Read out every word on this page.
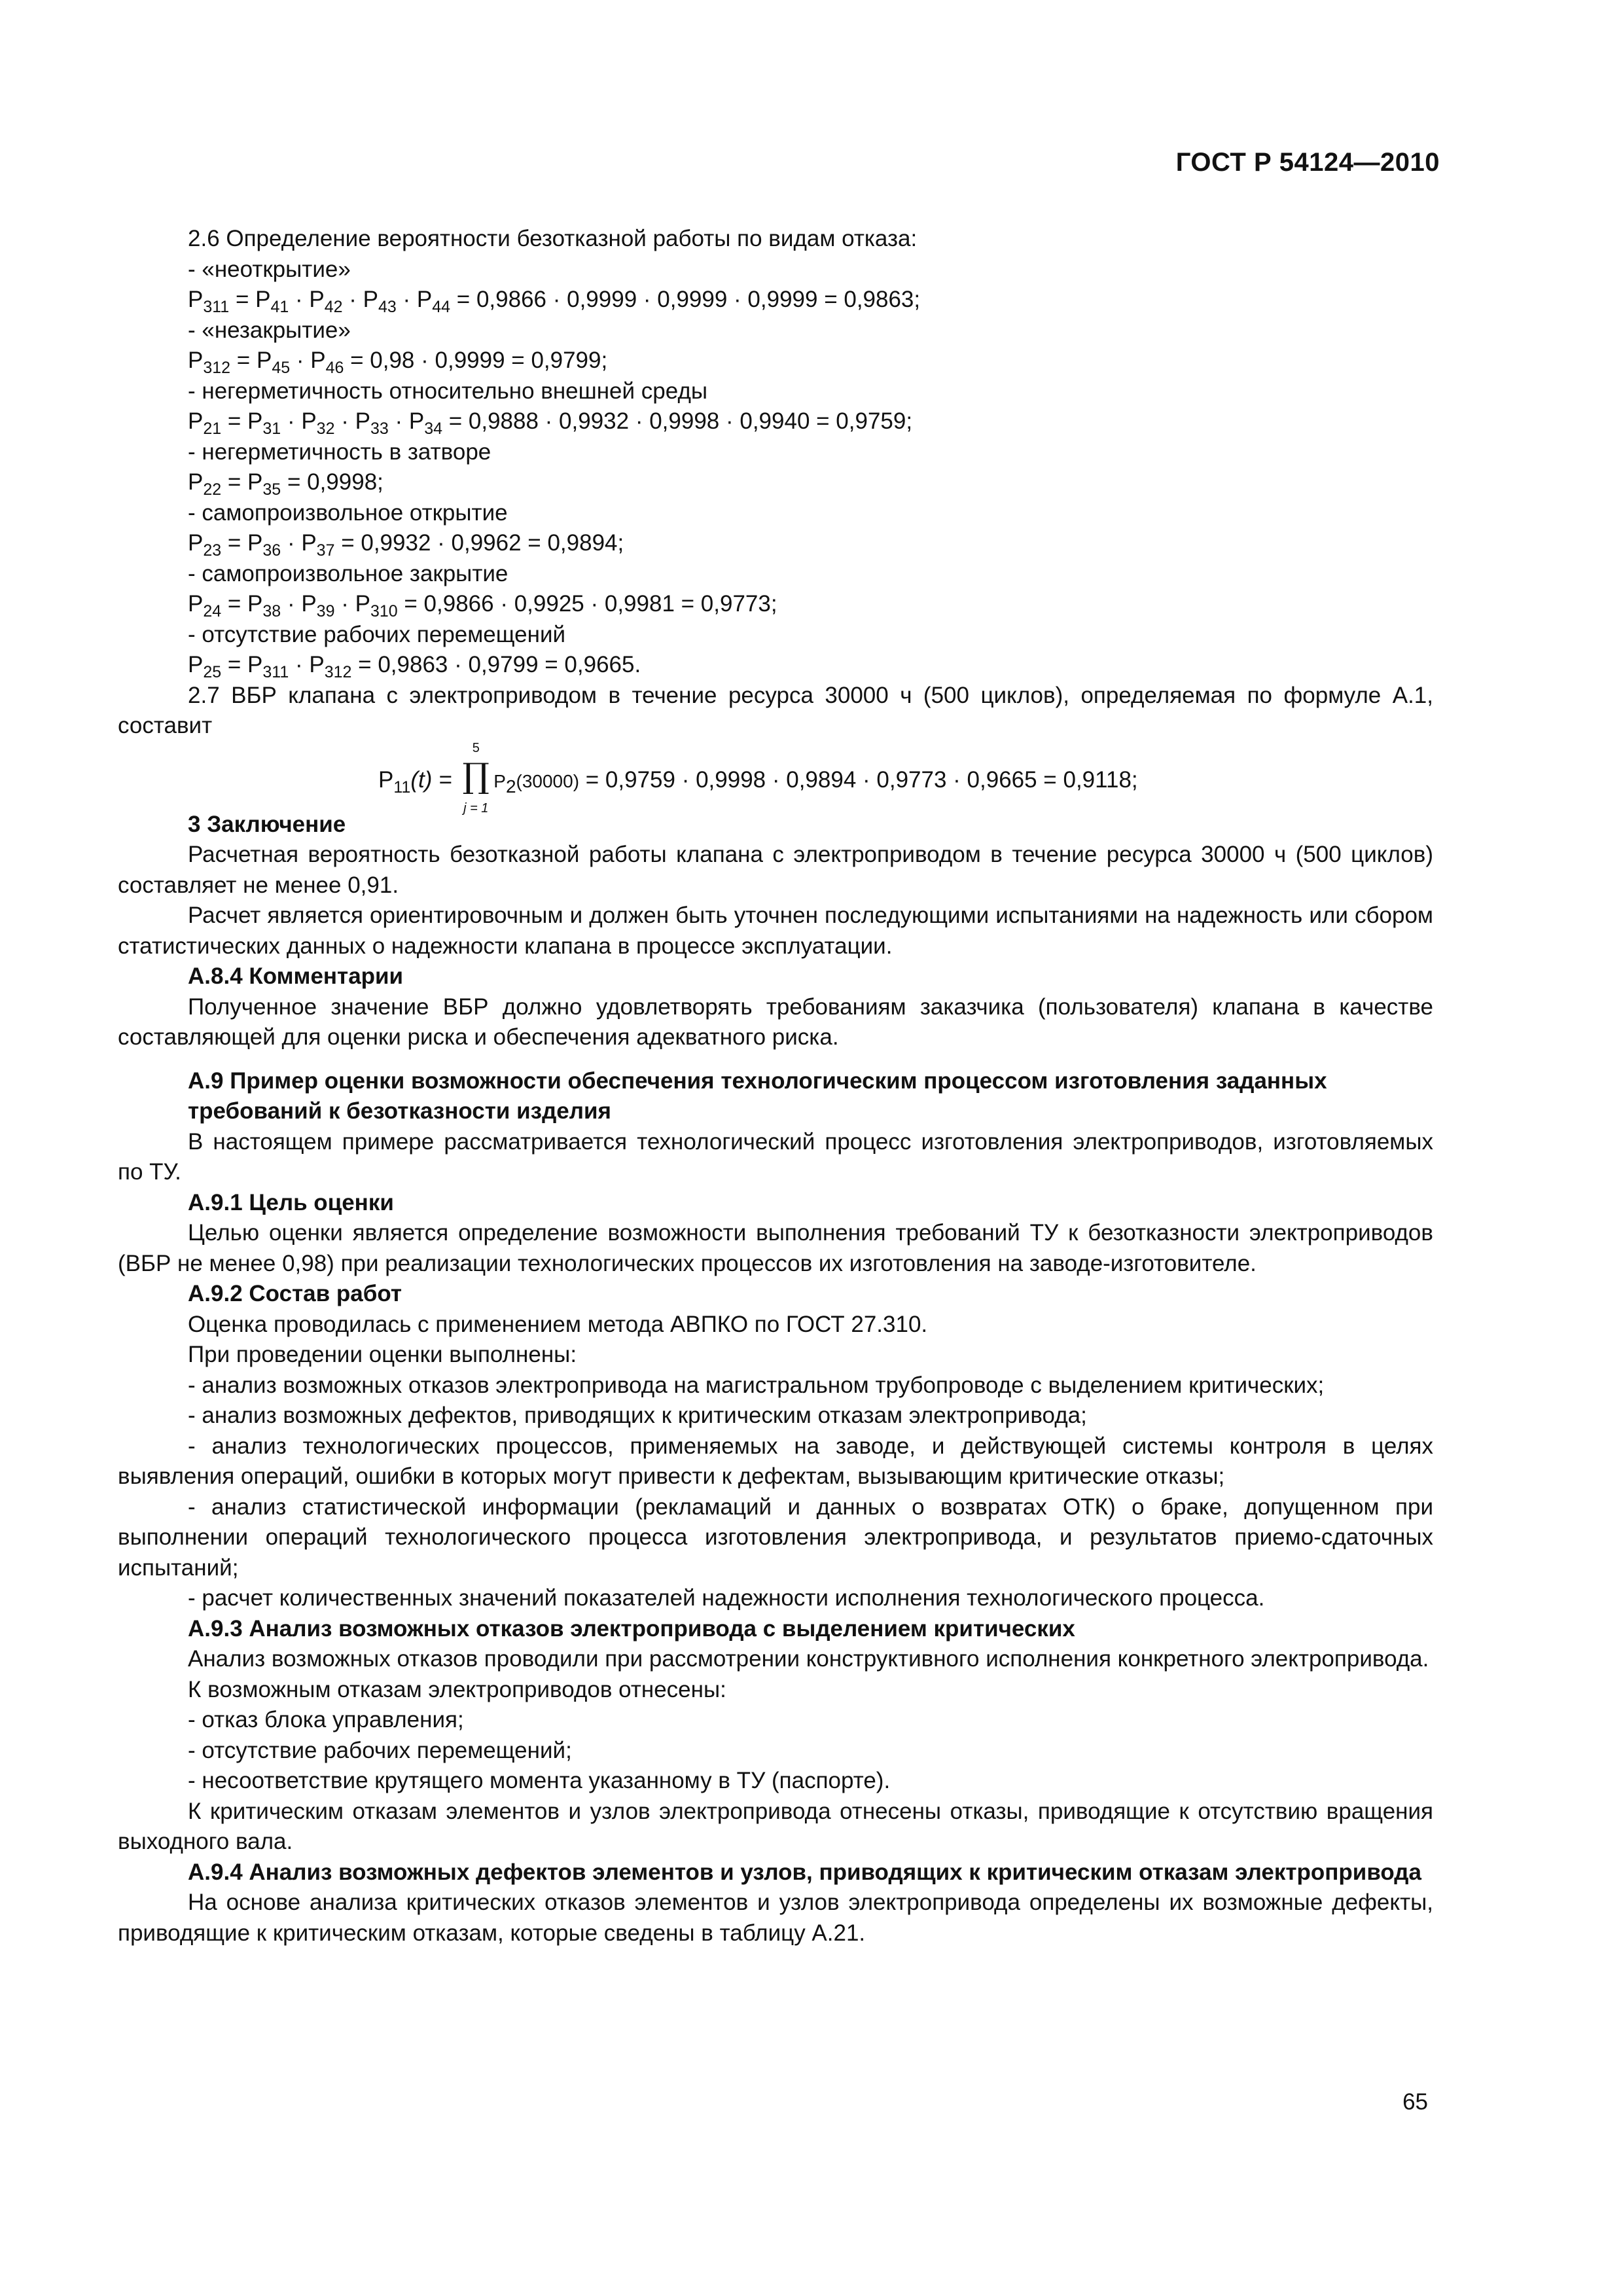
ГОСТ Р 54124—2010

2.6 Определение вероятности безотказной работы по видам отказа:

- «неоткрытие»

$P_{311} = P_{41} \cdot P_{42} \cdot P_{43} \cdot P_{44} = 0,9866 \cdot 0,9999 \cdot 0,9999 \cdot 0,9999 = 0,9863$;

- «незакрытие»

$P_{312} = P_{45} \cdot P_{46} = 0,98 \cdot 0,9999 = 0,9799$;

- негерметичность относительно внешней среды

$P_{21} = P_{31} \cdot P_{32} \cdot P_{33} \cdot P_{34} = 0,9888 \cdot 0,9932 \cdot 0,9998 \cdot 0,9940 = 0,9759$;

- негерметичность в затворе

$P_{22} = P_{35} = 0,9998$;

- самопроизвольное открытие

$P_{23} = P_{36} \cdot P_{37} = 0,9932 \cdot 0,9962 = 0,9894$;

- самопроизвольное закрытие

$P_{24} = P_{38} \cdot P_{39} \cdot P_{310} = 0,9866 \cdot 0,9925 \cdot 0,9981 = 0,9773$;

- отсутствие рабочих перемещений

$P_{25} = P_{311} \cdot P_{312} = 0,9863 \cdot 0,9799 = 0,9665$.

2.7 ВБР клапана с электроприводом в течение ресурса 30000 ч (500 циклов), определяемая по формуле А.1, составит

$P_{11}(t)$ =
5
∏
j = 1
$P_2(30000) = 0,9759 \cdot 0,9998 \cdot 0,9894 \cdot 0,9773 \cdot 0,9665 = 0,9118$;

3 Заключение

Расчетная вероятность безотказной работы клапана с электроприводом в течение ресурса 30000 ч (500 циклов) составляет не менее 0,91.

Расчет является ориентировочным и должен быть уточнен последующими испытаниями на надежность или сбором статистических данных о надежности клапана в процессе эксплуатации.

А.8.4 Комментарии

Полученное значение ВБР должно удовлетворять требованиям заказчика (пользователя) клапана в качестве составляющей для оценки риска и обеспечения адекватного риска.

А.9 Пример оценки возможности обеспечения технологическим процессом изготовления заданных

требований к безотказности изделия

В настоящем примере рассматривается технологический процесс изготовления электроприводов, изготовляемых по ТУ.

А.9.1 Цель оценки

Целью оценки является определение возможности выполнения требований ТУ к безотказности электроприводов (ВБР не менее 0,98) при реализации технологических процессов их изготовления на заводе-изготовителе.

А.9.2 Состав работ

Оценка проводилась с применением метода АВПКО по ГОСТ 27.310.

При проведении оценки выполнены:

- анализ возможных отказов электропривода на магистральном трубопроводе с выделением критических;

- анализ возможных дефектов, приводящих к критическим отказам электропривода;

- анализ технологических процессов, применяемых на заводе, и действующей системы контроля в целях выявления операций, ошибки в которых могут привести к дефектам, вызывающим критические отказы;

- анализ статистической информации (рекламаций и данных о возвратах ОТК) о браке, допущенном при выполнении операций технологического процесса изготовления электропривода, и результатов приемо-сдаточных испытаний;

- расчет количественных значений показателей надежности исполнения технологического процесса.

А.9.3 Анализ возможных отказов электропривода с выделением критических

Анализ возможных отказов проводили при рассмотрении конструктивного исполнения конкретного электропривода.

К возможным отказам электроприводов отнесены:

- отказ блока управления;

- отсутствие рабочих перемещений;

- несоответствие крутящего момента указанному в ТУ (паспорте).

К критическим отказам элементов и узлов электропривода отнесены отказы, приводящие к отсутствию вращения выходного вала.

А.9.4 Анализ возможных дефектов элементов и узлов, приводящих к критическим отказам электропривода

На основе анализа критических отказов элементов и узлов электропривода определены их возможные дефекты, приводящие к критическим отказам, которые сведены в таблицу А.21.

65
